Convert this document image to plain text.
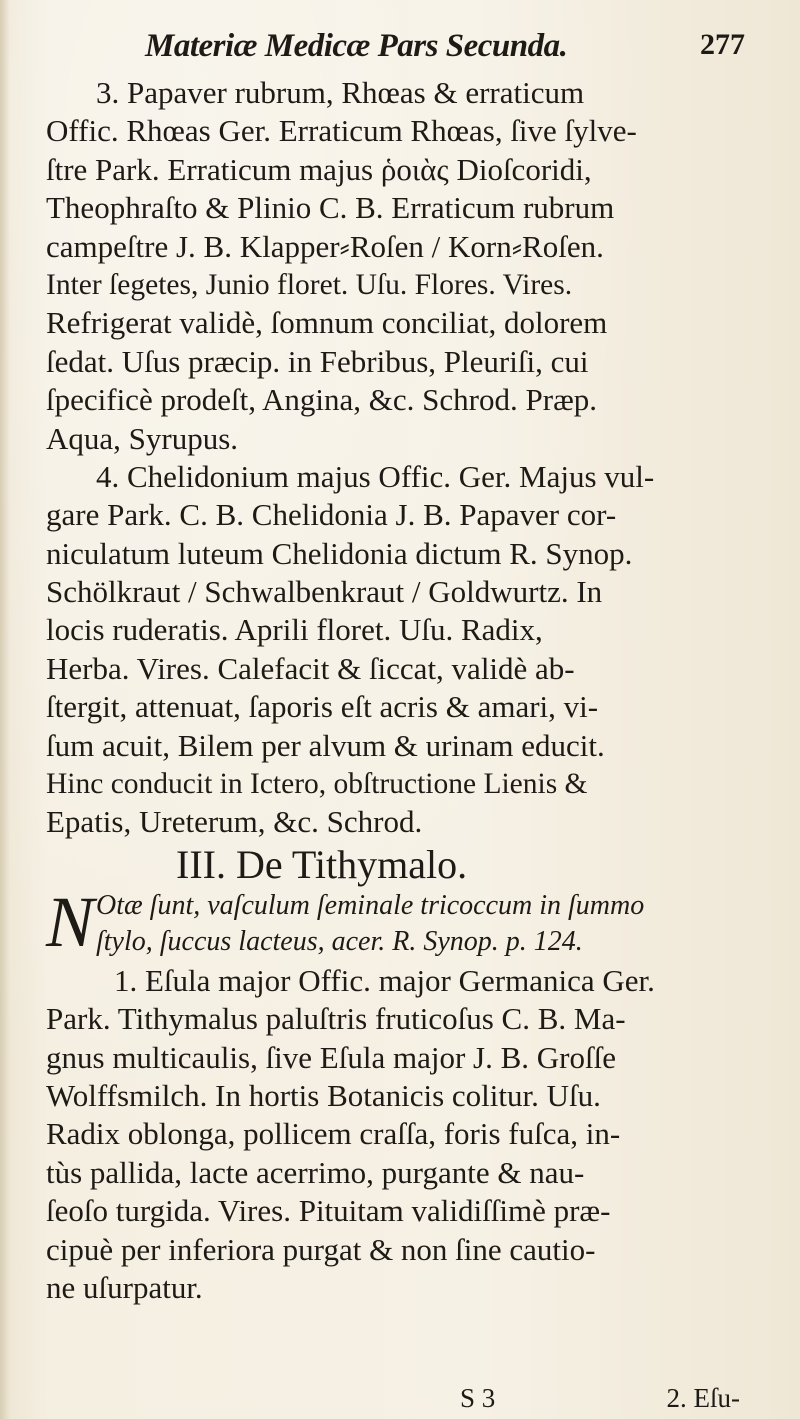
Materiæ Medicæ Pars Secunda.	277
3. Papaver rubrum, Rhœas & erraticum
Offic. Rhœas Ger. Erraticum Rhœas, ſive ſylve-
ſtre Park. Erraticum majus ῥοιὰς Dioſcoridi,
Theophraſto & Plinio C. B. Erraticum rubrum
campeſtre J. B. Klapper⸗Roſen / Korn⸗Roſen.
Inter ſegetes, Junio floret. Uſu. Flores. Vires.
Refrigerat validè, ſomnum conciliat, dolorem
ſedat. Uſus præcip. in Febribus, Pleuriſi, cui
ſpecificè prodeſt, Angina, &c. Schrod. Præp.
Aqua, Syrupus.
4. Chelidonium majus Offic. Ger. Majus vul-
gare Park. C. B. Chelidonia J. B. Papaver cor-
niculatum luteum Chelidonia dictum R. Synop.
Schölkraut / Schwalbenkraut / Goldwurtz. In
locis ruderatis. Aprili floret. Uſu. Radix,
Herba. Vires. Calefacit & ſiccat, validè ab-
ſtergit, attenuat, ſaporis eſt acris & amari, vi-
ſum acuit, Bilem per alvum & urinam educit.
Hinc conducit in Ictero, obſtructione Lienis &
Epatis, Ureterum, &c. Schrod.
III. De Tithymalo.
N Otæ ſunt, vaſculum ſeminale tricoccum in ſummo
ſtylo, ſuccus lacteus, acer. R. Synop. p. 124.
1. Eſula major Offic. major Germanica Ger.
Park. Tithymalus paluſtris fruticoſus C. B. Ma-
gnus multicaulis, ſive Eſula major J. B. Groſſe
Wolffsmilch. In hortis Botanicis colitur. Uſu.
Radix oblonga, pollicem craſſa, foris fuſca, in-
tùs pallida, lacte acerrimo, purgante & nau-
ſeoſo turgida. Vires. Pituitam validiſſimè præ-
cipuè per inferiora purgat & non ſine cautio-
ne uſurpatur.
S 3	2. Eſu-
